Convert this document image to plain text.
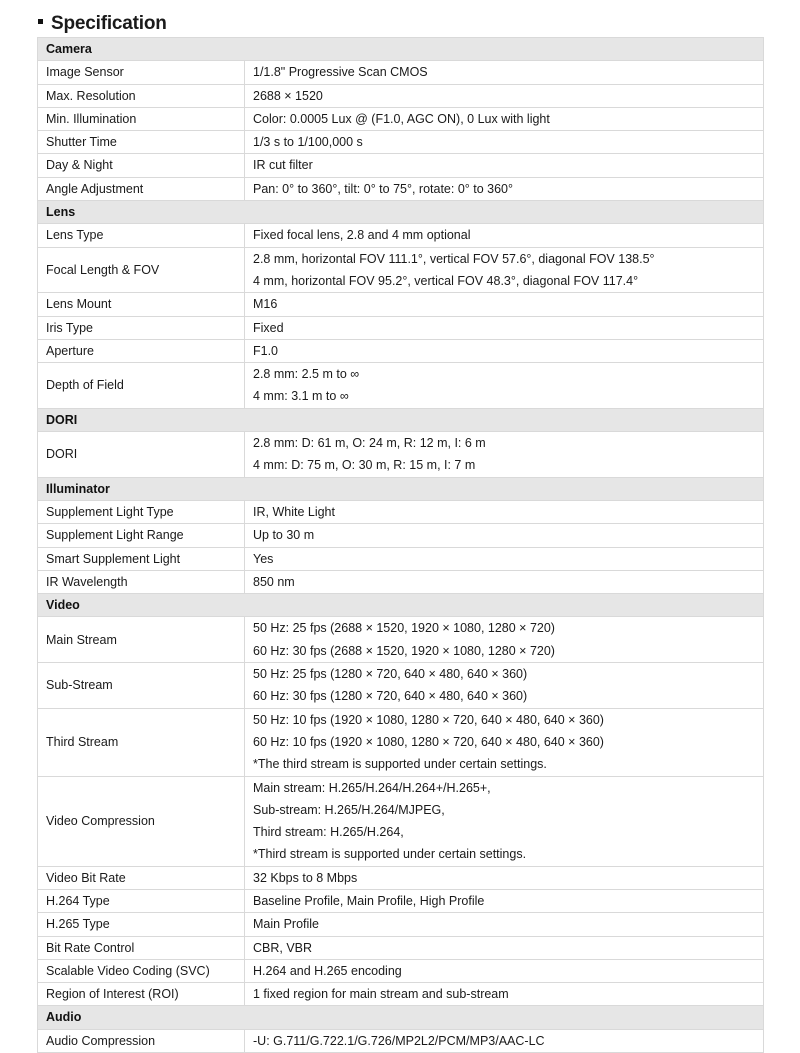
Specification
Camera	
Image Sensor	1/1.8" Progressive Scan CMOS

Max. Resolution	2688 × 1520

Min. Illumination	Color: 0.0005 Lux @ (F1.0, AGC ON), 0 Lux with light

Shutter Time	1/3 s to 1/100,000 s

Day & Night	IR cut filter

Angle Adjustment	Pan: 0° to 360°, tilt: 0° to 75°, rotate: 0° to 360°

Lens	
Lens Type	Fixed focal lens, 2.8 and 4 mm optional

Focal Length & FOV	2.8 mm, horizontal FOV 111.1°, vertical FOV 57.6°, diagonal FOV 138.5°
4 mm, horizontal FOV 95.2°, vertical FOV 48.3°, diagonal FOV 117.4°

Lens Mount	M16

Iris Type	Fixed

Aperture	F1.0

Depth of Field	2.8 mm: 2.5 m to ∞
4 mm: 3.1 m to ∞

DORI	
DORI	2.8 mm: D: 61 m, O: 24 m, R: 12 m, I: 6 m
4 mm: D: 75 m, O: 30 m, R: 15 m, I: 7 m

Illuminator	
Supplement Light Type	IR, White Light

Supplement Light Range	Up to 30 m

Smart Supplement Light	Yes

IR Wavelength	850 nm

Video	
Main Stream	50 Hz: 25 fps (2688 × 1520, 1920 × 1080, 1280 × 720)
60 Hz: 30 fps (2688 × 1520, 1920 × 1080, 1280 × 720)

Sub-Stream	50 Hz: 25 fps (1280 × 720, 640 × 480, 640 × 360)
60 Hz: 30 fps (1280 × 720, 640 × 480, 640 × 360)

Third Stream	50 Hz: 10 fps (1920 × 1080, 1280 × 720, 640 × 480, 640 × 360)
60 Hz: 10 fps (1920 × 1080, 1280 × 720, 640 × 480, 640 × 360)
*The third stream is supported under certain settings.

Video Compression	Main stream: H.265/H.264/H.264+/H.265+,
Sub-stream: H.265/H.264/MJPEG,
Third stream: H.265/H.264,
*Third stream is supported under certain settings.

Video Bit Rate	32 Kbps to 8 Mbps

H.264 Type	Baseline Profile, Main Profile, High Profile

H.265 Type	Main Profile

Bit Rate Control	CBR, VBR

Scalable Video Coding (SVC)	H.264 and H.265 encoding

Region of Interest (ROI)	1 fixed region for main stream and sub-stream

Audio	
Audio Compression	-U: G.711/G.722.1/G.726/MP2L2/PCM/MP3/AAC-LC
